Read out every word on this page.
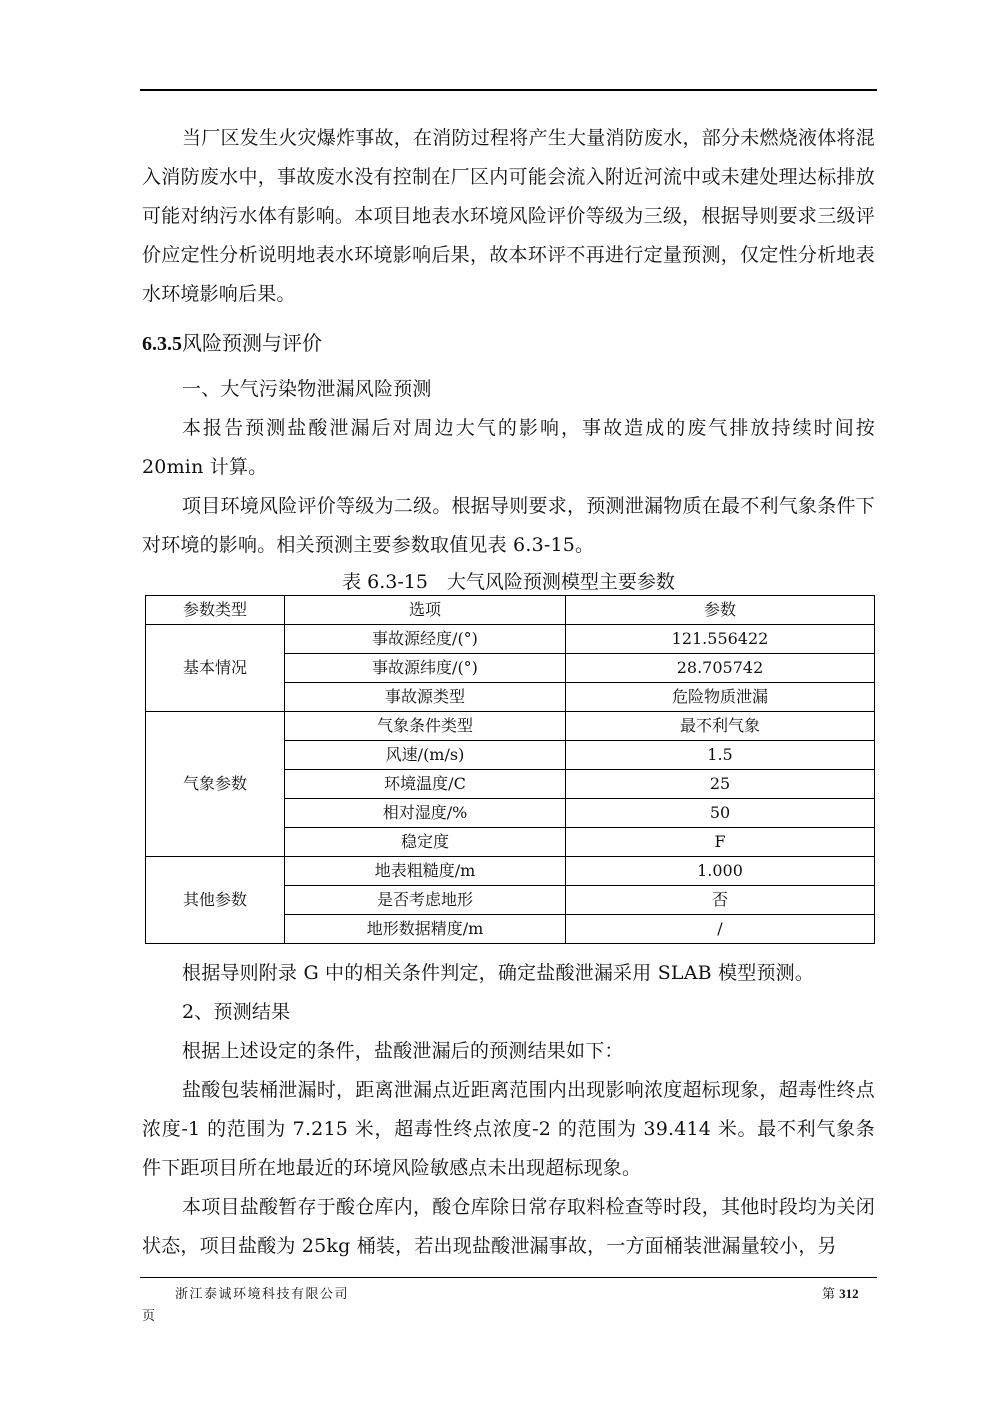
当厂区发生火灾爆炸事故，在消防过程将产生大量消防废水，部分未燃烧液体将混入消防废水中，事故废水没有控制在厂区内可能会流入附近河流中或未建处理达标排放可能对纳污水体有影响。本项目地表水环境风险评价等级为三级，根据导则要求三级评价应定性分析说明地表水环境影响后果，故本环评不再进行定量预测，仅定性分析地表水环境影响后果。

6.3.5风险预测与评价

一、大气污染物泄漏风险预测

本报告预测盐酸泄漏后对周边大气的影响，事故造成的废气排放持续时间按20min 计算。

项目环境风险评价等级为二级。根据导则要求，预测泄漏物质在最不利气象条件下对环境的影响。相关预测主要参数取值见表 6.3-15。

表 6.3-15　大气风险预测模型主要参数
参数类型	选项	参数
基本情况	事故源经度/(°)	121.556422
	事故源纬度/(°)	28.705742
	事故源类型	危险物质泄漏
气象参数	气象条件类型	最不利气象
	风速/(m/s)	1.5
	环境温度/C	25
	相对湿度/%	50
	稳定度	F
其他参数	地表粗糙度/m	1.000
	是否考虑地形	否
	地形数据精度/m	/

根据导则附录 G 中的相关条件判定，确定盐酸泄漏采用 SLAB 模型预测。

2、预测结果

根据上述设定的条件，盐酸泄漏后的预测结果如下：

盐酸包装桶泄漏时，距离泄漏点近距离范围内出现影响浓度超标现象，超毒性终点浓度-1 的范围为 7.215 米，超毒性终点浓度-2 的范围为 39.414 米。最不利气象条件下距项目所在地最近的环境风险敏感点未出现超标现象。

本项目盐酸暂存于酸仓库内，酸仓库除日常存取料检查等时段，其他时段均为关闭状态，项目盐酸为 25kg 桶装，若出现盐酸泄漏事故，一方面桶装泄漏量较小，另

浙江泰诚环境科技有限公司	第 312
页
